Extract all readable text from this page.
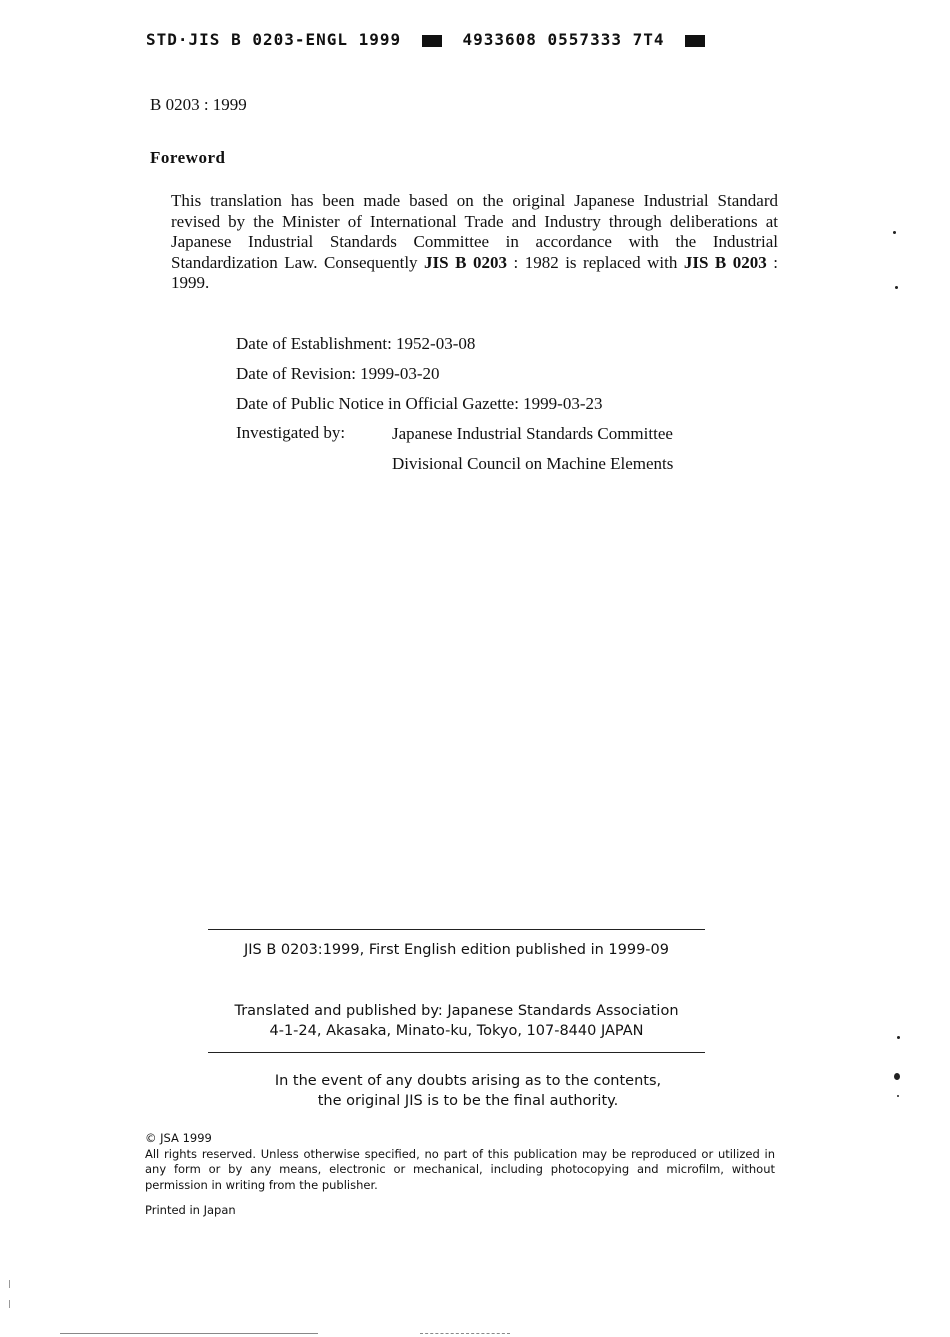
STD·JIS B 0203-ENGL 1999	4933608 0557333 7T4
B 0203 : 1999
Foreword
This translation has been made based on the original Japanese Industrial Standard revised by the Minister of International Trade and Industry through deliberations at Japanese Industrial Standards Committee in accordance with the Industrial Standardization Law. Consequently JIS B 0203 : 1982 is replaced with JIS B 0203 : 1999.
Date of Establishment: 1952-03-08
Date of Revision: 1999-03-20
Date of Public Notice in Official Gazette: 1999-03-23
Investigated by:	Japanese Industrial Standards Committee
Divisional Council on Machine Elements
JIS B 0203:1999, First English edition published in 1999-09
Translated and published by: Japanese Standards Association
4-1-24, Akasaka, Minato-ku, Tokyo, 107-8440 JAPAN
In the event of any doubts arising as to the contents,
the original JIS is to be the final authority.
© JSA 1999
All rights reserved. Unless otherwise specified, no part of this publication may be reproduced or utilized in any form or by any means, electronic or mechanical, including photocopying and microfilm, without permission in writing from the publisher.
Printed in Japan
